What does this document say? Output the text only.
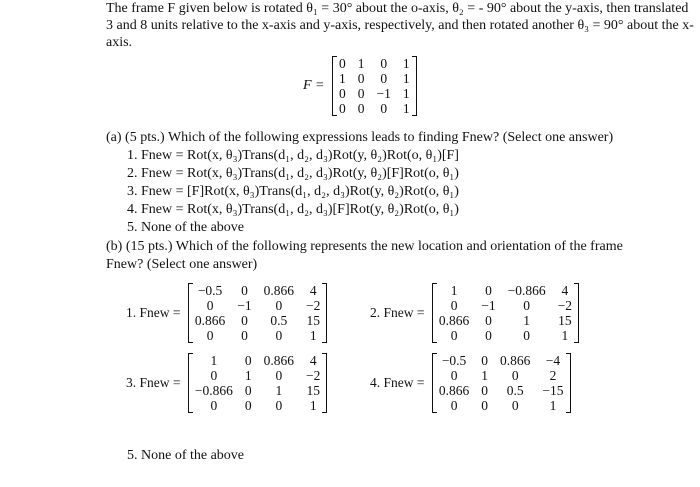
The frame F given below is rotated θ₁ = 30° about the o-axis, θ₂ = - 90° about the y-axis, then translated 3 and 8 units relative to the x-axis and y-axis, respectively, and then rotated another θ₃ = 90° about the x-axis.

F = 0	1	0	1
1	0	0	1
0	0	−1	1
0	0	0	1

(a) (5 pts.) Which of the following expressions leads to finding Fnew? (Select one answer)

1. Fnew = Rot(x, θ₃)Trans(d₁, d₂, d₃)Rot(y, θ₂)Rot(o, θ₁)[F]
2. Fnew = Rot(x, θ₃)Trans(d₁, d₂, d₃)Rot(y, θ₂)[F]Rot(o, θ₁)
3. Fnew = [F]Rot(x, θ₃)Trans(d₁, d₂, d₃)Rot(y, θ₂)Rot(o, θ₁)
4. Fnew = Rot(x, θ₃)Trans(d₁, d₂, d₃)[F]Rot(y, θ₂)Rot(o, θ₁)
5. None of the above

(b) (15 pts.) Which of the following represents the new location and orientation of the frame
Fnew? (Select one answer)

1. Fnew = −0.5	0	0.866	4
0	−1	0	−2
0.866	0	0.5	15
0	0	0	1
2. Fnew = 1	0	−0.866	4
0	−1	0	−2
0.866	0	1	15
0	0	0	1
3. Fnew = 1	0	0.866	4
0	1	0	−2
−0.866	0	1	15
0	0	0	1
4. Fnew = −0.5	0	0.866	−4
0	1	0	2
0.866	0	0.5	−15
0	0	0	1
5. None of the above
